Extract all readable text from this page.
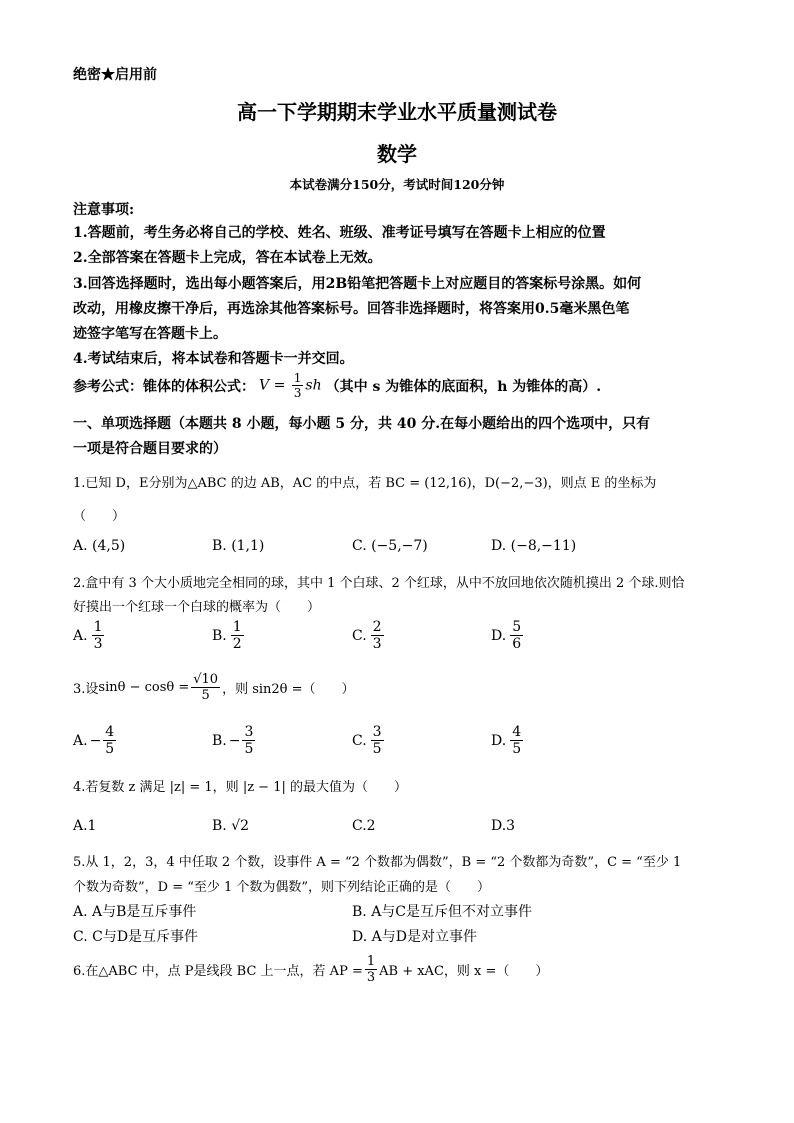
绝密★启用前
高一下学期期末学业水平质量测试卷
数学
本试卷满分150分，考试时间120分钟
注意事项:
1.答题前，考生务必将自己的学校、姓名、班级、准考证号填写在答题卡上相应的位置
2.全部答案在答题卡上完成，答在本试卷上无效。
3.回答选择题时，选出每小题答案后，用2B铅笔把答题卡上对应题目的答案标号涂黑。如何
改动，用橡皮擦干净后，再选涂其他答案标号。回答非选择题时，将答案用0.5毫米黑色笔
迹签字笔写在答题卡上。
4.考试结束后，将本试卷和答题卡一并交回。
参考公式：锥体的体积公式： $V = \frac{1}{3}$ sh （其中 s 为锥体的底面积，h 为锥体的高）.
一、单项选择题（本题共 8 小题，每小题 5 分，共 40 分.在每小题给出的四个选项中，只有
一项是符合题目要求的）
1.已知 D，E分别为△ABC 的边 AB，AC 的中点，若 BC = (12,16)，D(−2,−3)，则点 E 的坐标为
（　　）
A. (4,5)	B. (1,1)	C. (−5,−7)	D. (−8,−11)
2.盒中有 3 个大小质地完全相同的球，其中 1 个白球、2 个红球，从中不放回地依次随机摸出 2 个球.则恰
好摸出一个红球一个白球的概率为（　　）
A. $\frac{1}{3}$	B. $\frac{1}{2}$	C. $\frac{2}{3}$	D. $\frac{5}{6}$
3.设 $\sin\theta - \cos\theta = \frac{√10}{5}$ ，则 sin2θ =（　　）
A. − $\frac{4}{5}$	B. − $\frac{3}{5}$	C. $\frac{3}{5}$	D. $\frac{4}{5}$
4.若复数 z 满足 |z| = 1，则 |z − 1| 的最大值为（　　）
A.1	B. √2	C.2	D.3
5.从 1，2，3，4 中任取 2 个数，设事件 A = “2 个数都为偶数”，B = “2 个数都为奇数”，C = “至少 1
个数为奇数”，D = “至少 1 个数为偶数”，则下列结论正确的是（　　）
A. A与B是互斥事件	B. A与C是互斥但不对立事件
C. C与D是互斥事件	D. A与D是对立事件
6.在△ABC 中，点 P是线段 BC 上一点，若 AP = $\frac{1}{3}$ AB + xAC，则 x =（　　）
